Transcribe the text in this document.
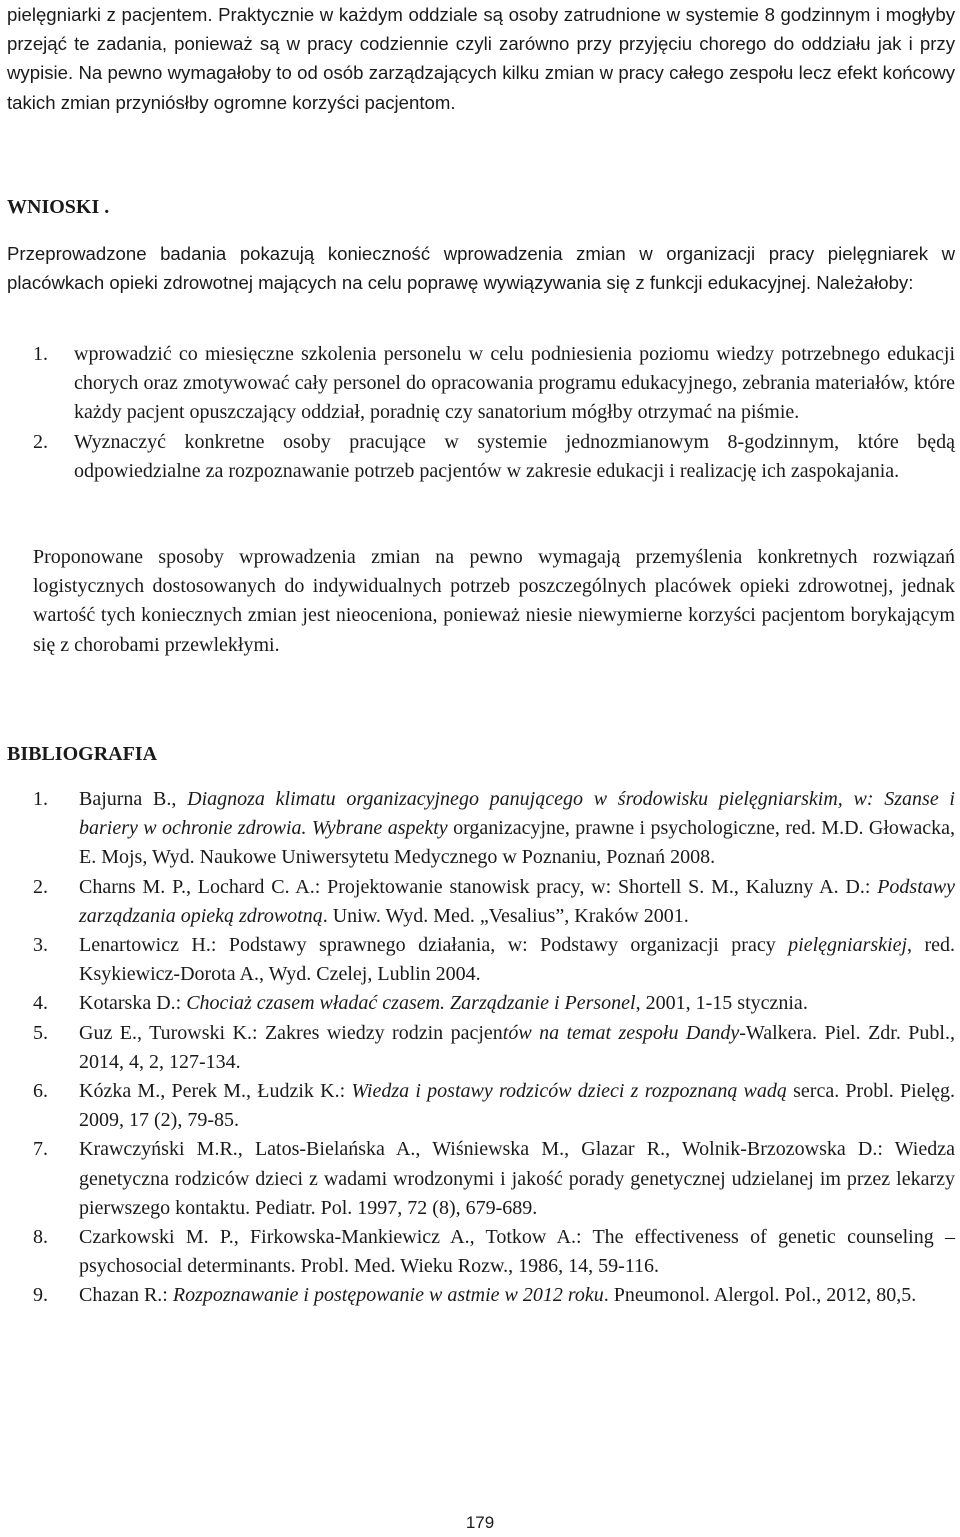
pielęgniarki z pacjentem. Praktycznie w każdym oddziale są osoby zatrudnione w systemie 8 godzinnym i mogłyby przejąć te zadania, ponieważ są w pracy codziennie czyli zarówno przy przyjęciu chorego do oddziału jak i przy wypisie. Na pewno wymagałoby to od osób zarządzających kilku zmian w pracy całego zespołu lecz efekt końcowy takich zmian przyniósłby ogromne korzyści pacjentom.

WNIOSKI .

Przeprowadzone badania pokazują konieczność wprowadzenia zmian w organizacji pracy pielęgniarek w placówkach opieki zdrowotnej mających na celu poprawę wywiązywania się z funkcji edukacyjnej. Należałoby:

1. wprowadzić co miesięczne szkolenia personelu w celu podniesienia poziomu wiedzy potrzebnego edukacji chorych oraz zmotywować cały personel do opracowania programu edukacyjnego, zebrania materiałów, które każdy pacjent opuszczający oddział, poradnię czy sanatorium mógłby otrzymać na piśmie.
2. Wyznaczyć konkretne osoby pracujące w systemie jednozmianowym 8-godzinnym, które będą odpowiedzialne za rozpoznawanie potrzeb pacjentów w zakresie edukacji i realizację ich zaspokajania.

Proponowane sposoby wprowadzenia zmian na pewno wymagają przemyślenia konkretnych rozwiązań logistycznych dostosowanych do indywidualnych potrzeb poszczególnych placówek opieki zdrowotnej, jednak wartość tych koniecznych zmian jest nieoceniona, ponieważ niesie niewymierne korzyści pacjentom borykającym się z chorobami przewlekłymi.

BIBLIOGRAFIA
1. Bajurna B., Diagnoza klimatu organizacyjnego panującego w środowisku pielęgniarskim, w: Szanse i bariery w ochronie zdrowia. Wybrane aspekty organizacyjne, prawne i psychologiczne, red. M.D. Głowacka, E. Mojs, Wyd. Naukowe Uniwersytetu Medycznego w Poznaniu, Poznań 2008.
2. Charns M. P., Lochard C. A.: Projektowanie stanowisk pracy, w: Shortell S. M., Kaluzny A. D.: Podstawy zarządzania opieką zdrowotną. Uniw. Wyd. Med. „Vesalius”, Kraków 2001.
3. Lenartowicz H.: Podstawy sprawnego działania, w: Podstawy organizacji pracy pielęgniarskiej, red. Ksykiewicz-Dorota A., Wyd. Czelej, Lublin 2004.
4. Kotarska D.: Chociaż czasem władać czasem. Zarządzanie i Personel, 2001, 1-15 stycznia.
5. Guz E., Turowski K.: Zakres wiedzy rodzin pacjentów na temat zespołu Dandy-Walkera. Piel. Zdr. Publ., 2014, 4, 2, 127-134.
6. Kózka M., Perek M., Łudzik K.: Wiedza i postawy rodziców dzieci z rozpoznaną wadą serca. Probl. Pielęg. 2009, 17 (2), 79-85.
7. Krawczyński M.R., Latos-Bielańska A., Wiśniewska M., Glazar R., Wolnik-Brzozowska D.: Wiedza genetyczna rodziców dzieci z wadami wrodzonymi i jakość porady genetycznej udzielanej im przez lekarzy pierwszego kontaktu. Pediatr. Pol. 1997, 72 (8), 679-689.
8. Czarkowski M. P., Firkowska-Mankiewicz A., Totkow A.: The effectiveness of genetic counseling – psychosocial determinants. Probl. Med. Wieku Rozw., 1986, 14, 59-116.
9. Chazan R.: Rozpoznawanie i postępowanie w astmie w 2012 roku. Pneumonol. Alergol. Pol., 2012, 80,5.
179
